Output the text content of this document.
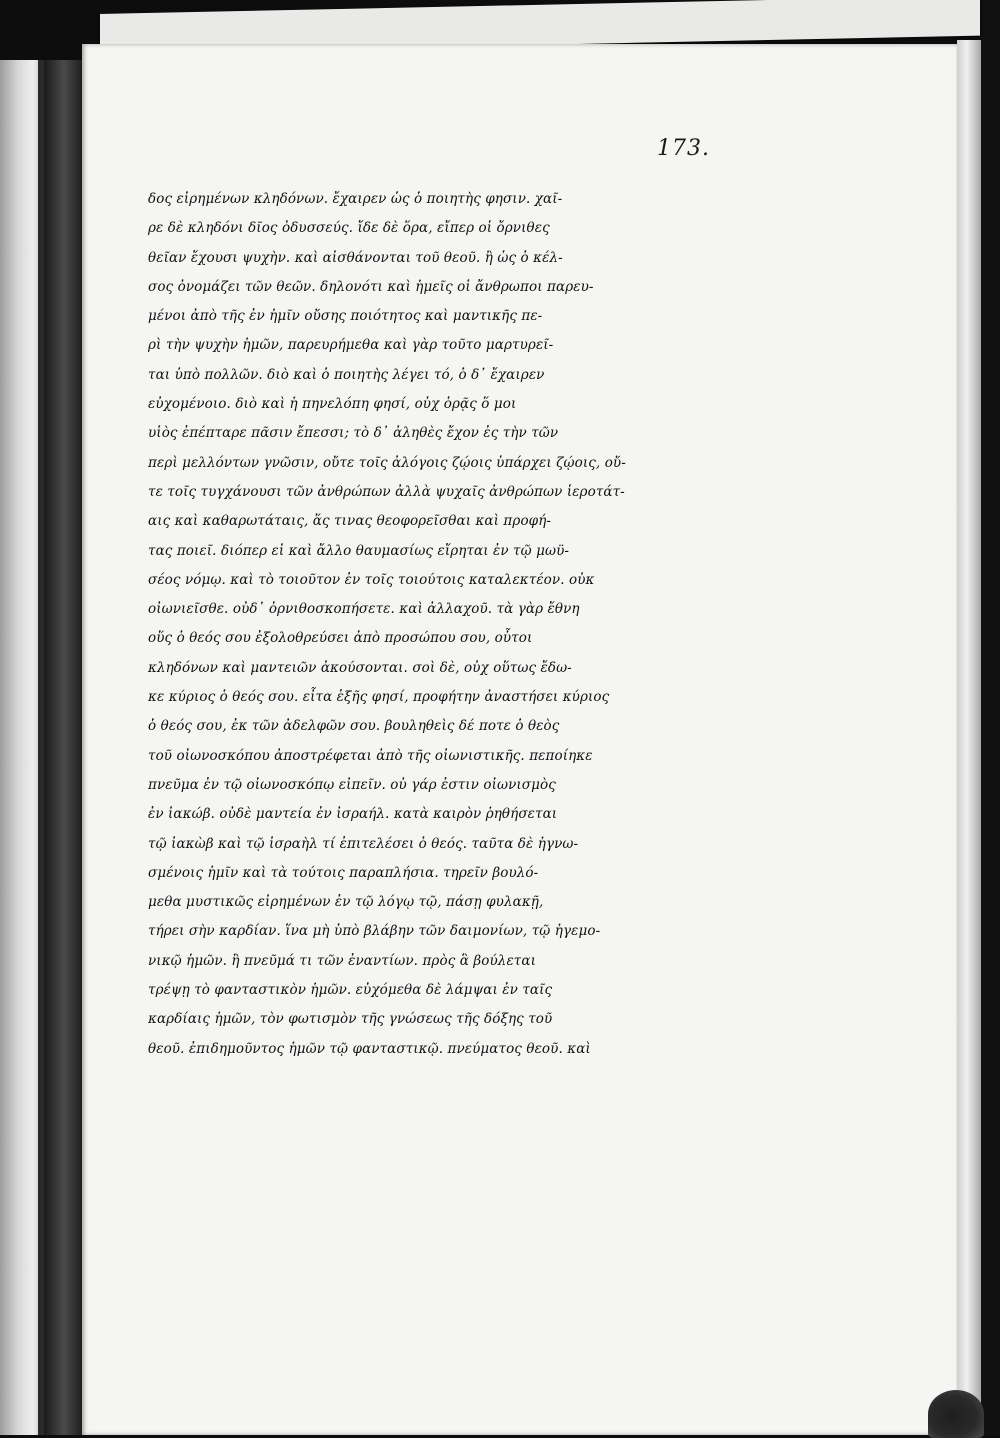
173.
δος εἰρημένων κληδόνων. ἔχαιρεν ὡς ὁ ποιητὴς φησιν. χαῖ-
ρε δὲ κληδόνι δῖος ὀδυσσεύς. ἴδε δὲ ὅρα, εἴπερ οἱ ὄρνιθες
θεῖαν ἔχουσι ψυχὴν. καὶ αἰσθάνονται τοῦ θεοῦ. ἢ ὡς ὁ κέλ-
σος ὀνομάζει τῶν θεῶν. δηλονότι καὶ ἡμεῖς οἱ ἄνθρωποι παρευ-
μένοι ἀπὸ τῆς ἐν ἡμῖν οὔσης ποιότητος καὶ μαντικῆς πε-
ρὶ τὴν ψυχὴν ἡμῶν, παρευρήμεθα καὶ γὰρ τοῦτο μαρτυρεῖ-
ται ὑπὸ πολλῶν. διὸ καὶ ὁ ποιητὴς λέγει τό, ὁ δ᾽ ἔχαιρεν
εὐχομένοιο. διὸ καὶ ἡ πηνελόπη φησί, οὐχ ὁρᾷς ὅ μοι
υἱὸς ἐπέπταρε πᾶσιν ἔπεσσι; τὸ δ᾽ ἀληθὲς ἔχον ἐς τὴν τῶν
περὶ μελλόντων γνῶσιν, οὔτε τοῖς ἀλόγοις ζῴοις ὑπάρχει ζῴοις, οὔ-
τε τοῖς τυγχάνουσι τῶν ἀνθρώπων ἀλλὰ ψυχαῖς ἀνθρώπων ἱεροτάτ-
αις καὶ καθαρωτάταις, ἅς τινας θεοφορεῖσθαι καὶ προφή-
τας ποιεῖ. διόπερ εἰ καὶ ἄλλο θαυμασίως εἴρηται ἐν τῷ μωϋ-
σέος νόμῳ. καὶ τὸ τοιοῦτον ἐν τοῖς τοιούτοις καταλεκτέον. οὐκ
οἰωνιεῖσθε. οὐδ᾽ ὀρνιθοσκοπήσετε. καὶ ἀλλαχοῦ. τὰ γὰρ ἔθνη
οὕς ὁ θεός σου ἐξολοθρεύσει ἀπὸ προσώπου σου, οὗτοι
κληδόνων καὶ μαντειῶν ἀκούσονται. σοὶ δὲ, οὐχ οὕτως ἔδω-
κε κύριος ὁ θεός σου. εἶτα ἑξῆς φησί, προφήτην ἀναστήσει κύριος
ὁ θεός σου, ἐκ τῶν ἀδελφῶν σου. βουληθεὶς δέ ποτε ὁ θεὸς
τοῦ οἰωνοσκόπου ἀποστρέφεται ἀπὸ τῆς οἰωνιστικῆς. πεποίηκε
πνεῦμα ἐν τῷ οἰωνοσκόπῳ εἰπεῖν. οὐ γάρ ἐστιν οἰωνισμὸς
ἐν ἰακώβ. οὐδὲ μαντεία ἐν ἰσραήλ. κατὰ καιρὸν ῥηθήσεται
τῷ ἰακὼβ καὶ τῷ ἰσραὴλ τί ἐπιτελέσει ὁ θεός. ταῦτα δὲ ἡγνω-
σμένοις ἡμῖν καὶ τὰ τούτοις παραπλήσια. τηρεῖν βουλό-
μεθα μυστικῶς εἰρημένων ἐν τῷ λόγῳ τῷ, πάσῃ φυλακῇ,
τήρει σὴν καρδίαν. ἵνα μὴ ὑπὸ βλάβην τῶν δαιμονίων, τῷ ἡγεμο-
νικῷ ἡμῶν. ἢ πνεῦμά τι τῶν ἐναντίων. πρὸς ἃ βούλεται
τρέψῃ τὸ φανταστικὸν ἡμῶν. εὐχόμεθα δὲ λάμψαι ἐν ταῖς
καρδίαις ἡμῶν, τὸν φωτισμὸν τῆς γνώσεως τῆς δόξης τοῦ
θεοῦ. ἐπιδημοῦντος ἡμῶν τῷ φανταστικῷ. πνεύματος θεοῦ. καὶ
